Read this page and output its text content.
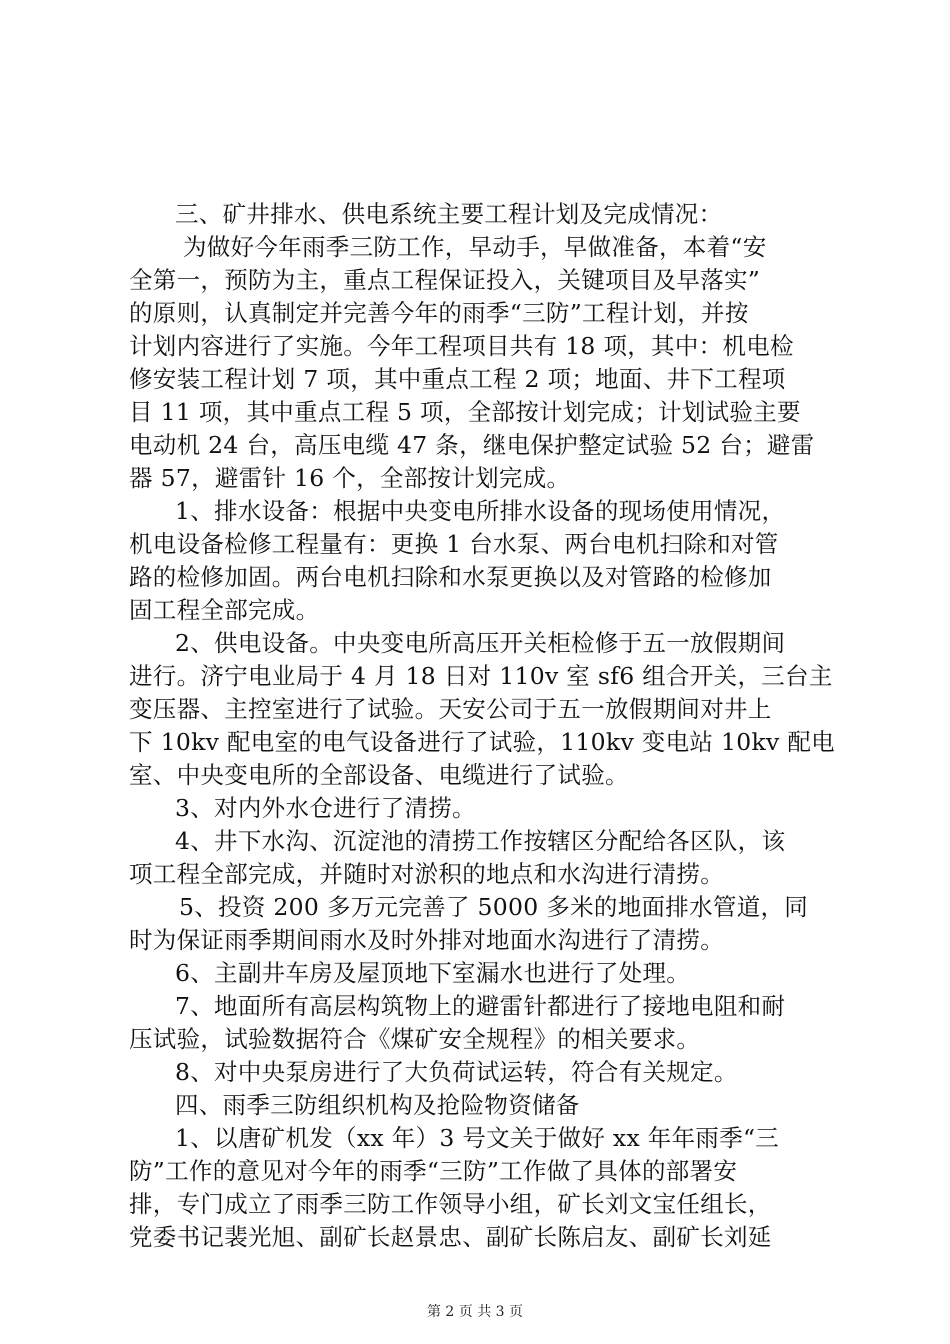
三、矿井排水、供电系统主要工程计划及完成情况：
为做好今年雨季三防工作，早动手，早做准备，本着“安
全第一，预防为主，重点工程保证投入，关键项目及早落实”
的原则，认真制定并完善今年的雨季“三防”工程计划，并按
计划内容进行了实施。今年工程项目共有 18 项，其中：机电检
修安装工程计划 7 项，其中重点工程 2 项；地面、井下工程项
目 11 项，其中重点工程 5 项，全部按计划完成；计划试验主要
电动机 24 台，高压电缆 47 条，继电保护整定试验 52 台；避雷
器 57，避雷针 16 个，全部按计划完成。
1、排水设备：根据中央变电所排水设备的现场使用情况，
机电设备检修工程量有：更换 1 台水泵、两台电机扫除和对管
路的检修加固。两台电机扫除和水泵更换以及对管路的检修加
固工程全部完成。
2、供电设备。中央变电所高压开关柜检修于五一放假期间
进行。济宁电业局于 4 月 18 日对 110v 室 sf6 组合开关，三台主
变压器、主控室进行了试验。天安公司于五一放假期间对井上
下 10kv 配电室的电气设备进行了试验，110kv 变电站 10kv 配电
室、中央变电所的全部设备、电缆进行了试验。
3、对内外水仓进行了清捞。
4、井下水沟、沉淀池的清捞工作按辖区分配给各区队，该
项工程全部完成，并随时对淤积的地点和水沟进行清捞。
5、投资 200 多万元完善了 5000 多米的地面排水管道，同
时为保证雨季期间雨水及时外排对地面水沟进行了清捞。
6、主副井车房及屋顶地下室漏水也进行了处理。
7、地面所有高层构筑物上的避雷针都进行了接地电阻和耐
压试验，试验数据符合《煤矿安全规程》的相关要求。
8、对中央泵房进行了大负荷试运转，符合有关规定。
四、雨季三防组织机构及抢险物资储备
1、以唐矿机发（xx 年）3 号文关于做好 xx 年年雨季“三
防”工作的意见对今年的雨季“三防”工作做了具体的部署安
排，专门成立了雨季三防工作领导小组，矿长刘文宝任组长，
党委书记裴光旭、副矿长赵景忠、副矿长陈启友、副矿长刘延
第 2 页 共 3 页
